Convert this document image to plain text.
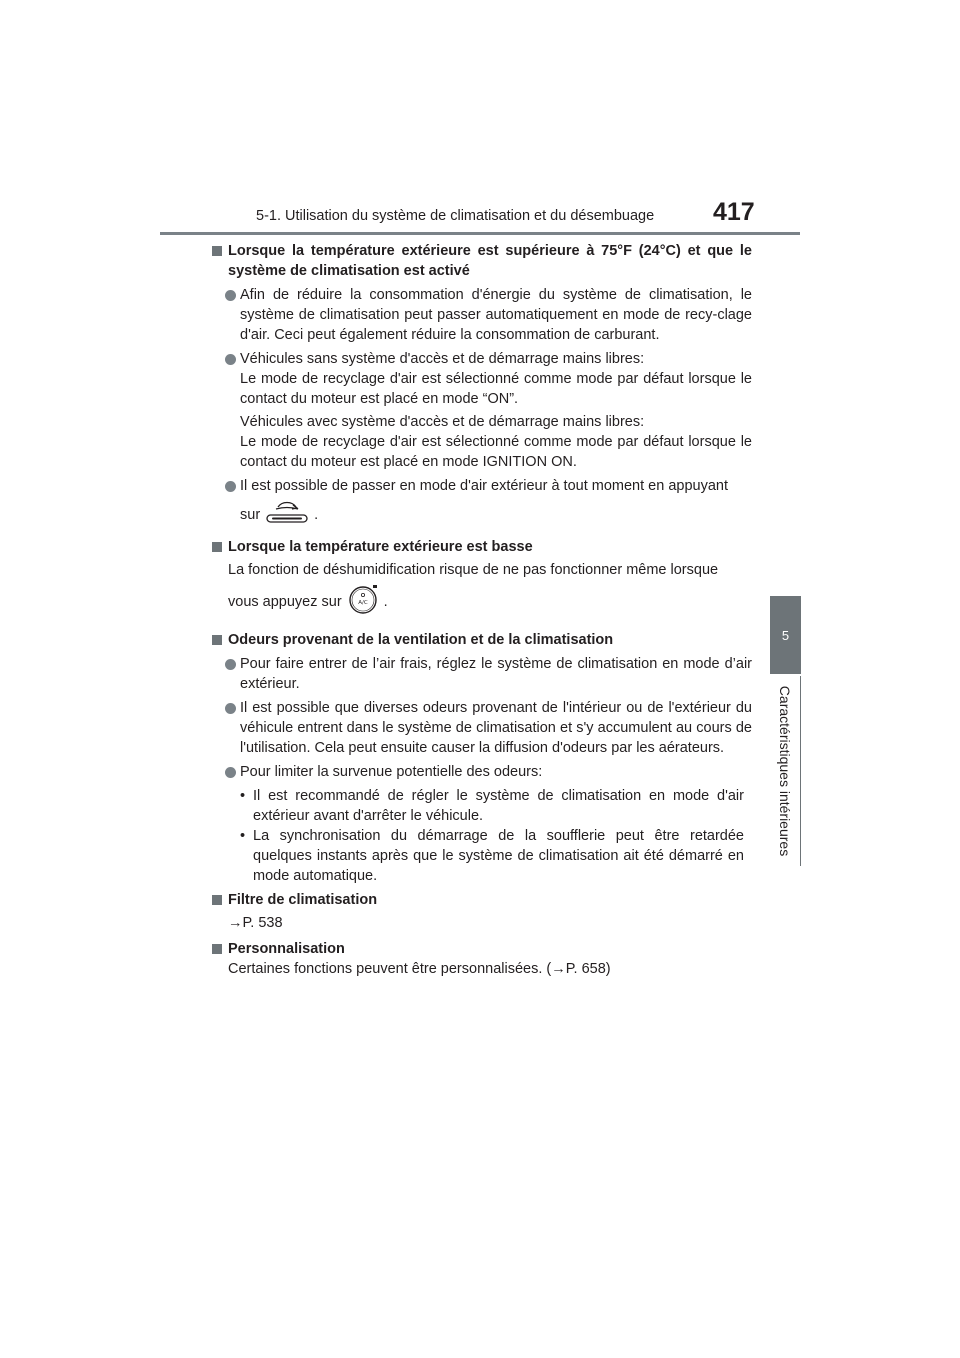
5-1. Utilisation du système de climatisation et du désembuage	417
5
Caractéristiques intérieures
Lorsque la température extérieure est supérieure à 75°F (24°C) et que le système de climatisation est activé
Afin de réduire la consommation d'énergie du système de climatisation, le système de climatisation peut passer automatiquement en mode de recy-clage d'air. Ceci peut également réduire la consommation de carburant.
Véhicules sans système d'accès et de démarrage mains libres:
Le mode de recyclage d'air est sélectionné comme mode par défaut lorsque le contact du moteur est placé en mode “ON”.
Véhicules avec système d'accès et de démarrage mains libres:
Le mode de recyclage d'air est sélectionné comme mode par défaut lorsque le contact du moteur est placé en mode IGNITION ON.
Il est possible de passer en mode d'air extérieur à tout moment en appuyant
sur	.
Lorsque la température extérieure est basse
La fonction de déshumidification risque de ne pas fonctionner même lorsque
vous appuyez sur	A/C .
Odeurs provenant de la ventilation et de la climatisation
Pour faire entrer de l’air frais, réglez le système de climatisation en mode d’air extérieur.
Il est possible que diverses odeurs provenant de l'intérieur ou de l'extérieur du véhicule entrent dans le système de climatisation et s'y accumulent au cours de l'utilisation. Cela peut ensuite causer la diffusion d'odeurs par les aérateurs.
Pour limiter la survenue potentielle des odeurs:
• Il est recommandé de régler le système de climatisation en mode d'air extérieur avant d'arrêter le véhicule.
• La synchronisation du démarrage de la soufflerie peut être retardée quelques instants après que le système de climatisation ait été démarré en mode automatique.
Filtre de climatisation
→P. 538
Personnalisation
Certaines fonctions peuvent être personnalisées. (→P. 658)
